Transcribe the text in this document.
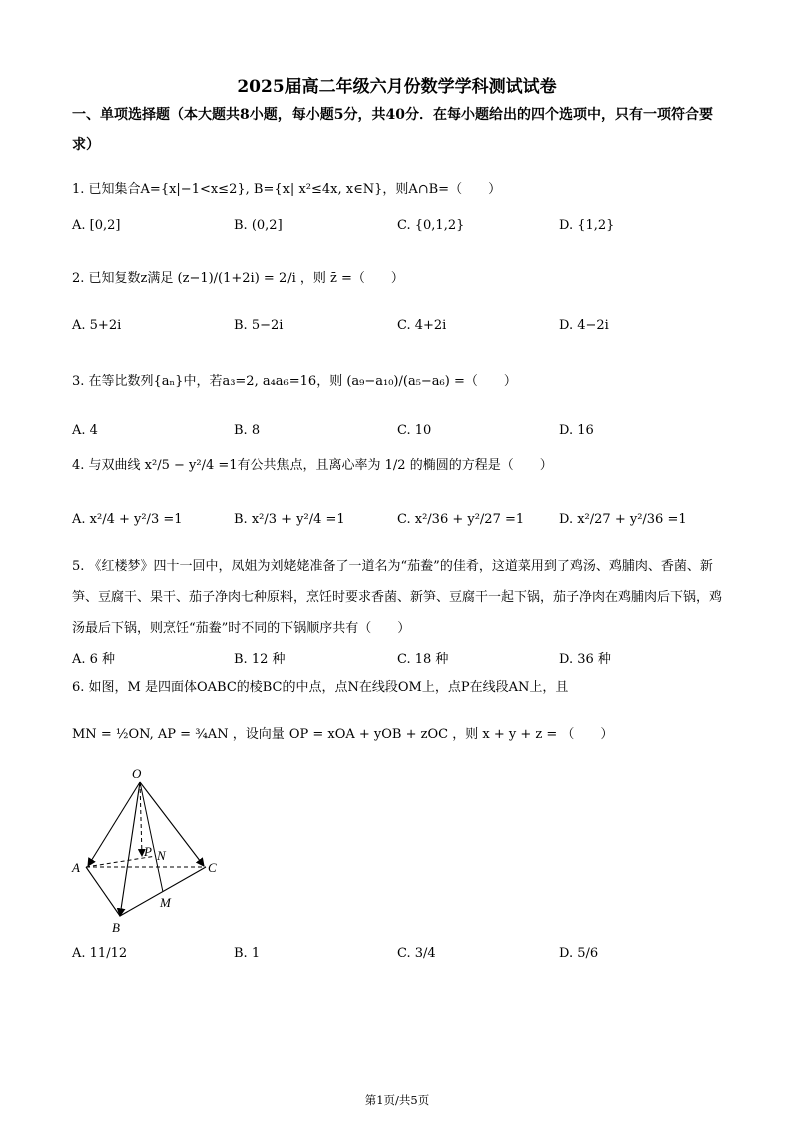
2025届高二年级六月份数学学科测试试卷
一、单项选择题（本大题共8小题，每小题5分，共40分．在每小题给出的四个选项中，只有一项符合要求）
1. 已知集合A={x|−1<x≤2}, B={x| x²≤4x, x∈N}，则A∩B=（　　）
A. [0,2]	B. (0,2]	C. {0,1,2}	D. {1,2}
2. 已知复数z满足 (z−1)/(1+2i) = 2/i ，则 z̄ =（　　）
A. 5+2i	B. 5−2i	C. 4+2i	D. 4−2i
3. 在等比数列{aₙ}中，若a₃=2, a₄a₆=16，则 (a₉−a₁₀)/(a₅−a₆) =（　　）
A. 4	B. 8	C. 10	D. 16
4. 与双曲线 x²/5 − y²/4 =1有公共焦点，且离心率为 1/2 的椭圆的方程是（　　）
A. x²/4 + y²/3 =1	B. x²/3 + y²/4 =1	C. x²/36 + y²/27 =1	D. x²/27 + y²/36 =1
5. 《红楼梦》四十一回中，凤姐为刘姥姥准备了一道名为“茄鲞”的佳肴，这道菜用到了鸡汤、鸡脯肉、香菌、新笋、豆腐干、果干、茄子净肉七种原料，烹饪时要求香菌、新笋、豆腐干一起下锅，茄子净肉在鸡脯肉后下锅，鸡汤最后下锅，则烹饪“茄鲞”时不同的下锅顺序共有（　　）
A. 6 种	B. 12 种	C. 18 种	D. 36 种
6. 如图，M 是四面体OABC的棱BC的中点，点N在线段OM上，点P在线段AN上，且
MN = ½ON, AP = ¾AN ，设向量 OP = xOA + yOB + zOC ，则 x + y + z = （　　）
O
A
B
C
M
N
P
A. 11/12	B. 1	C. 3/4	D. 5/6
第1页/共5页
